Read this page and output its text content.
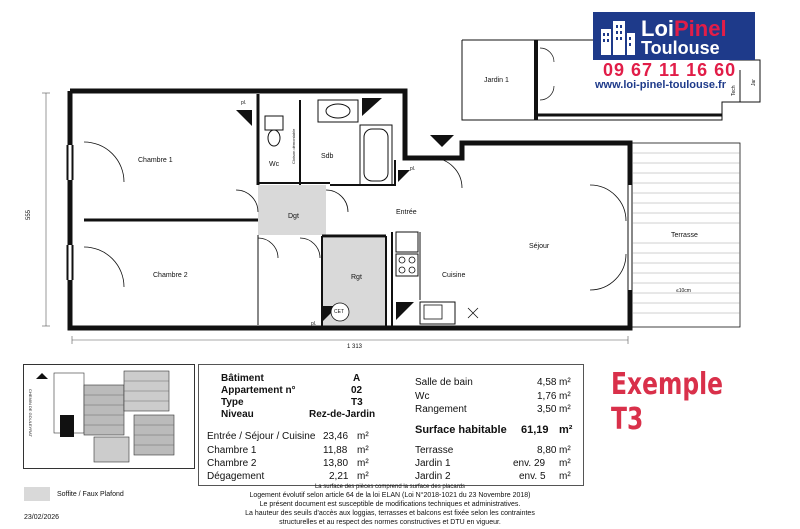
Chambre 1
Chambre 2
Wc
Sdb
Dgt
Rgt
Entrée
Cuisine
Séjour
Terrasse
Jardin 1	Jar
Tech
pl.
pl.
pl.
CET
Cloison démontable
≤10cm
1 313
555
LoiPinel
Toulouse
09 67 11 16 60
www.loi-pinel-toulouse.fr
CHEMIN DE GOULEYRAT
Soffite / Faux Plafond
23/02/2026
Bâtiment	A
Appartement n°	02
Type	T3
Niveau	Rez-de-Jardin
Entrée / Séjour / Cuisine 23,46 m²
Chambre 1	11,88 m²
Chambre 2	13,80 m²
Dégagement	2,21 m²
Salle de bain	4,58 m²
Wc	1,76 m²
Rangement	3,50 m²
Surface habitable 61,19 m²
Terrasse	8,80 m²
Jardin 1	env. 29 m²
Jardin 2	env. 5 m²
La surface des pièces comprend la surface des placards
Logement évolutif selon article 64 de la loi ELAN (Loi N°2018-1021 du 23 Novembre 2018)
Le présent document est susceptible de modifications techniques et administratives.
La hauteur des seuils d'accès aux loggias, terrasses et balcons est fixée selon les contraintes
structurelles et au respect des normes constructives et DTU en vigueur.
Exemple T3
